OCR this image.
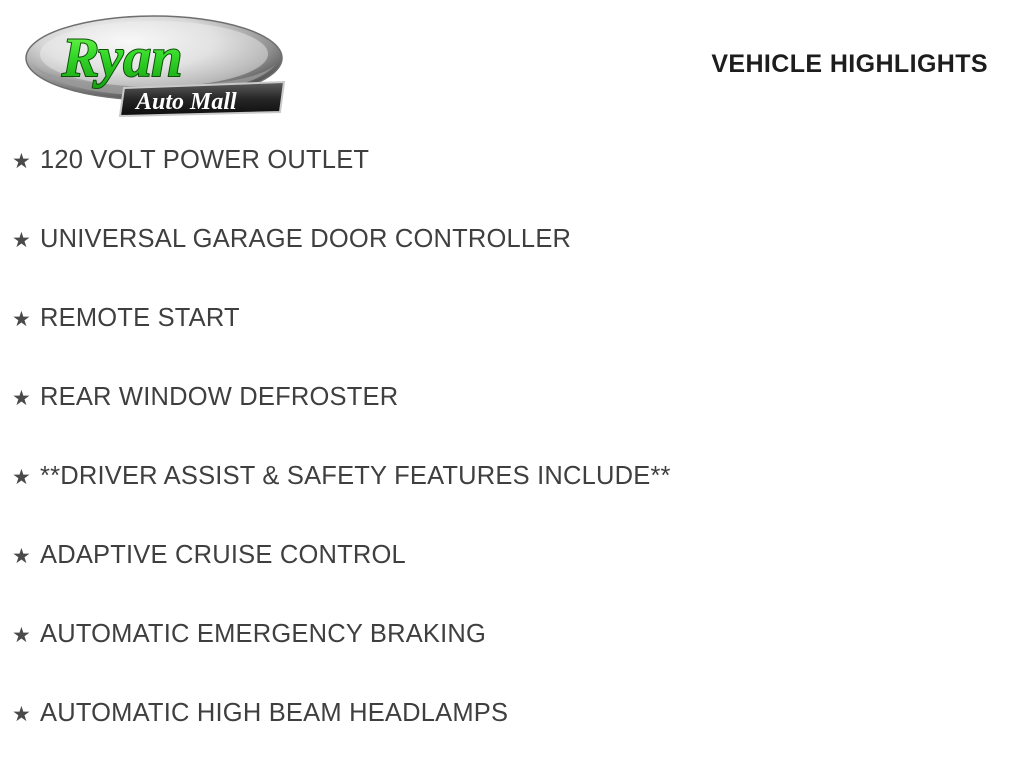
Ryan
Auto Mall
VEHICLE HIGHLIGHTS
★ 120 VOLT POWER OUTLET
★ UNIVERSAL GARAGE DOOR CONTROLLER
★ REMOTE START
★ REAR WINDOW DEFROSTER
★ **DRIVER ASSIST & SAFETY FEATURES INCLUDE**
★ ADAPTIVE CRUISE CONTROL
★ AUTOMATIC EMERGENCY BRAKING
★ AUTOMATIC HIGH BEAM HEADLAMPS
